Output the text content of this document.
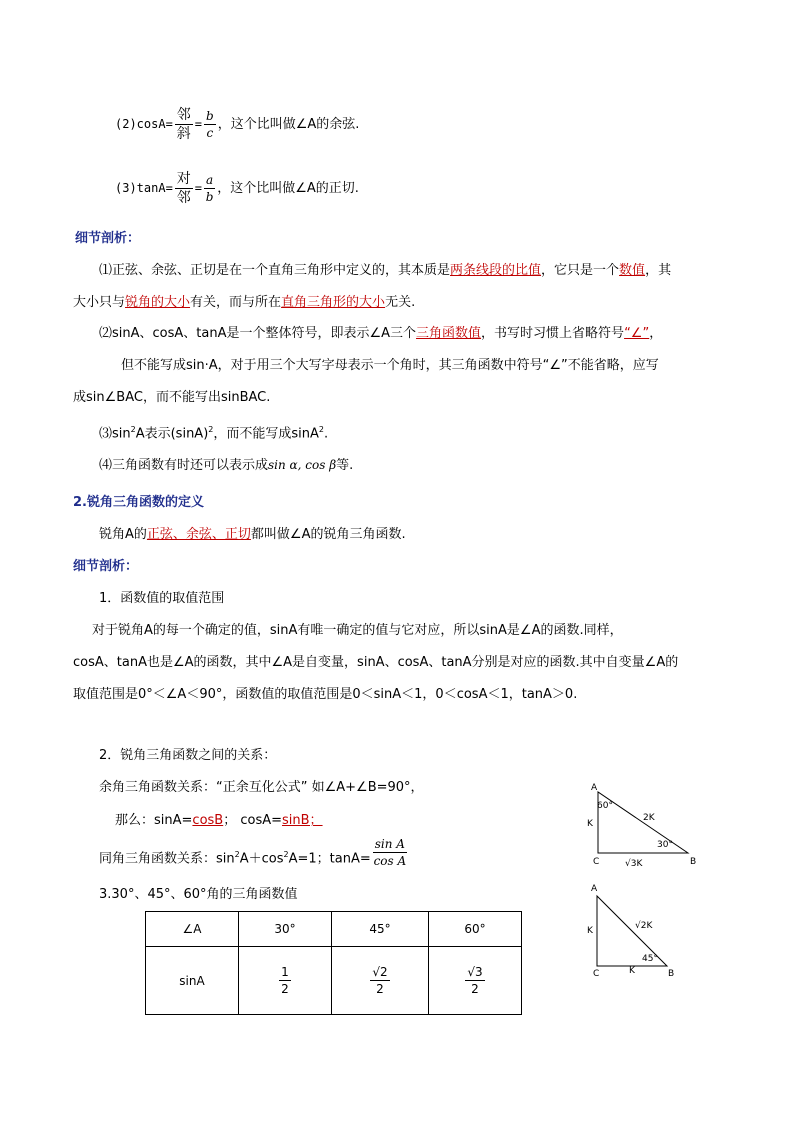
$(2)\cos A= \frac{\text{邻}}{\text{斜}} = \frac{b}{c}$ ，这个比叫做∠A的余弦.
$(3)\tan A= \frac{\text{对}}{\text{邻}} = \frac{a}{b}$ ，这个比叫做∠A的正切.
细节剖析：
⑴正弦、余弦、正切是在一个直角三角形中定义的，其本质是两条线段的比值，它只是一个数值，其
大小只与锐角的大小有关，而与所在直角三角形的大小无关.
⑵sinA、cosA、tanA是一个整体符号，即表示∠A三个三角函数值，书写时习惯上省略符号“∠”，
但不能写成sin·A，对于用三个大写字母表示一个角时，其三角函数中符号“∠”不能省略，应写
成sin∠BAC，而不能写出sinBAC.
$⑶\sin^2A$表示$(\sin A)^2$，而不能写成sinA$^2$.
⑷三角函数有时还可以表示成sin α, cos β等.
2.锐角三角函数的定义
锐角A的正弦、余弦、正切都叫做∠A的锐角三角函数.
细节剖析：
1．函数值的取值范围
对于锐角A的每一个确定的值，sinA有唯一确定的值与它对应，所以sinA是∠A的函数.同样，
cosA、tanA也是∠A的函数，其中∠A是自变量，sinA、cosA、tanA分别是对应的函数.其中自变量∠A的
取值范围是0°＜∠A＜90°，函数值的取值范围是0＜sinA＜1，0＜cosA＜1，tanA＞0.
2．锐角三角函数之间的关系：
余角三角函数关系：“正余互化公式” 如∠A+∠B=90°，
那么：sinA=cosB； cosA=sinB；
同角三角函数关系：$\sin^2A+\cos^2A=1$；$\tan A= \frac{\text{sin A}}{\text{cos A}}$
3.30°、45°、60°角的三角函数值
∠A	30°	45°	60°
sinA	$\frac{1}{2}$	$\frac{√2}{2}$	$\frac{√3}{2}$
A
C	B
60°
2K
30°
K
√3K
A
C	B
K	√2K
45°
K
